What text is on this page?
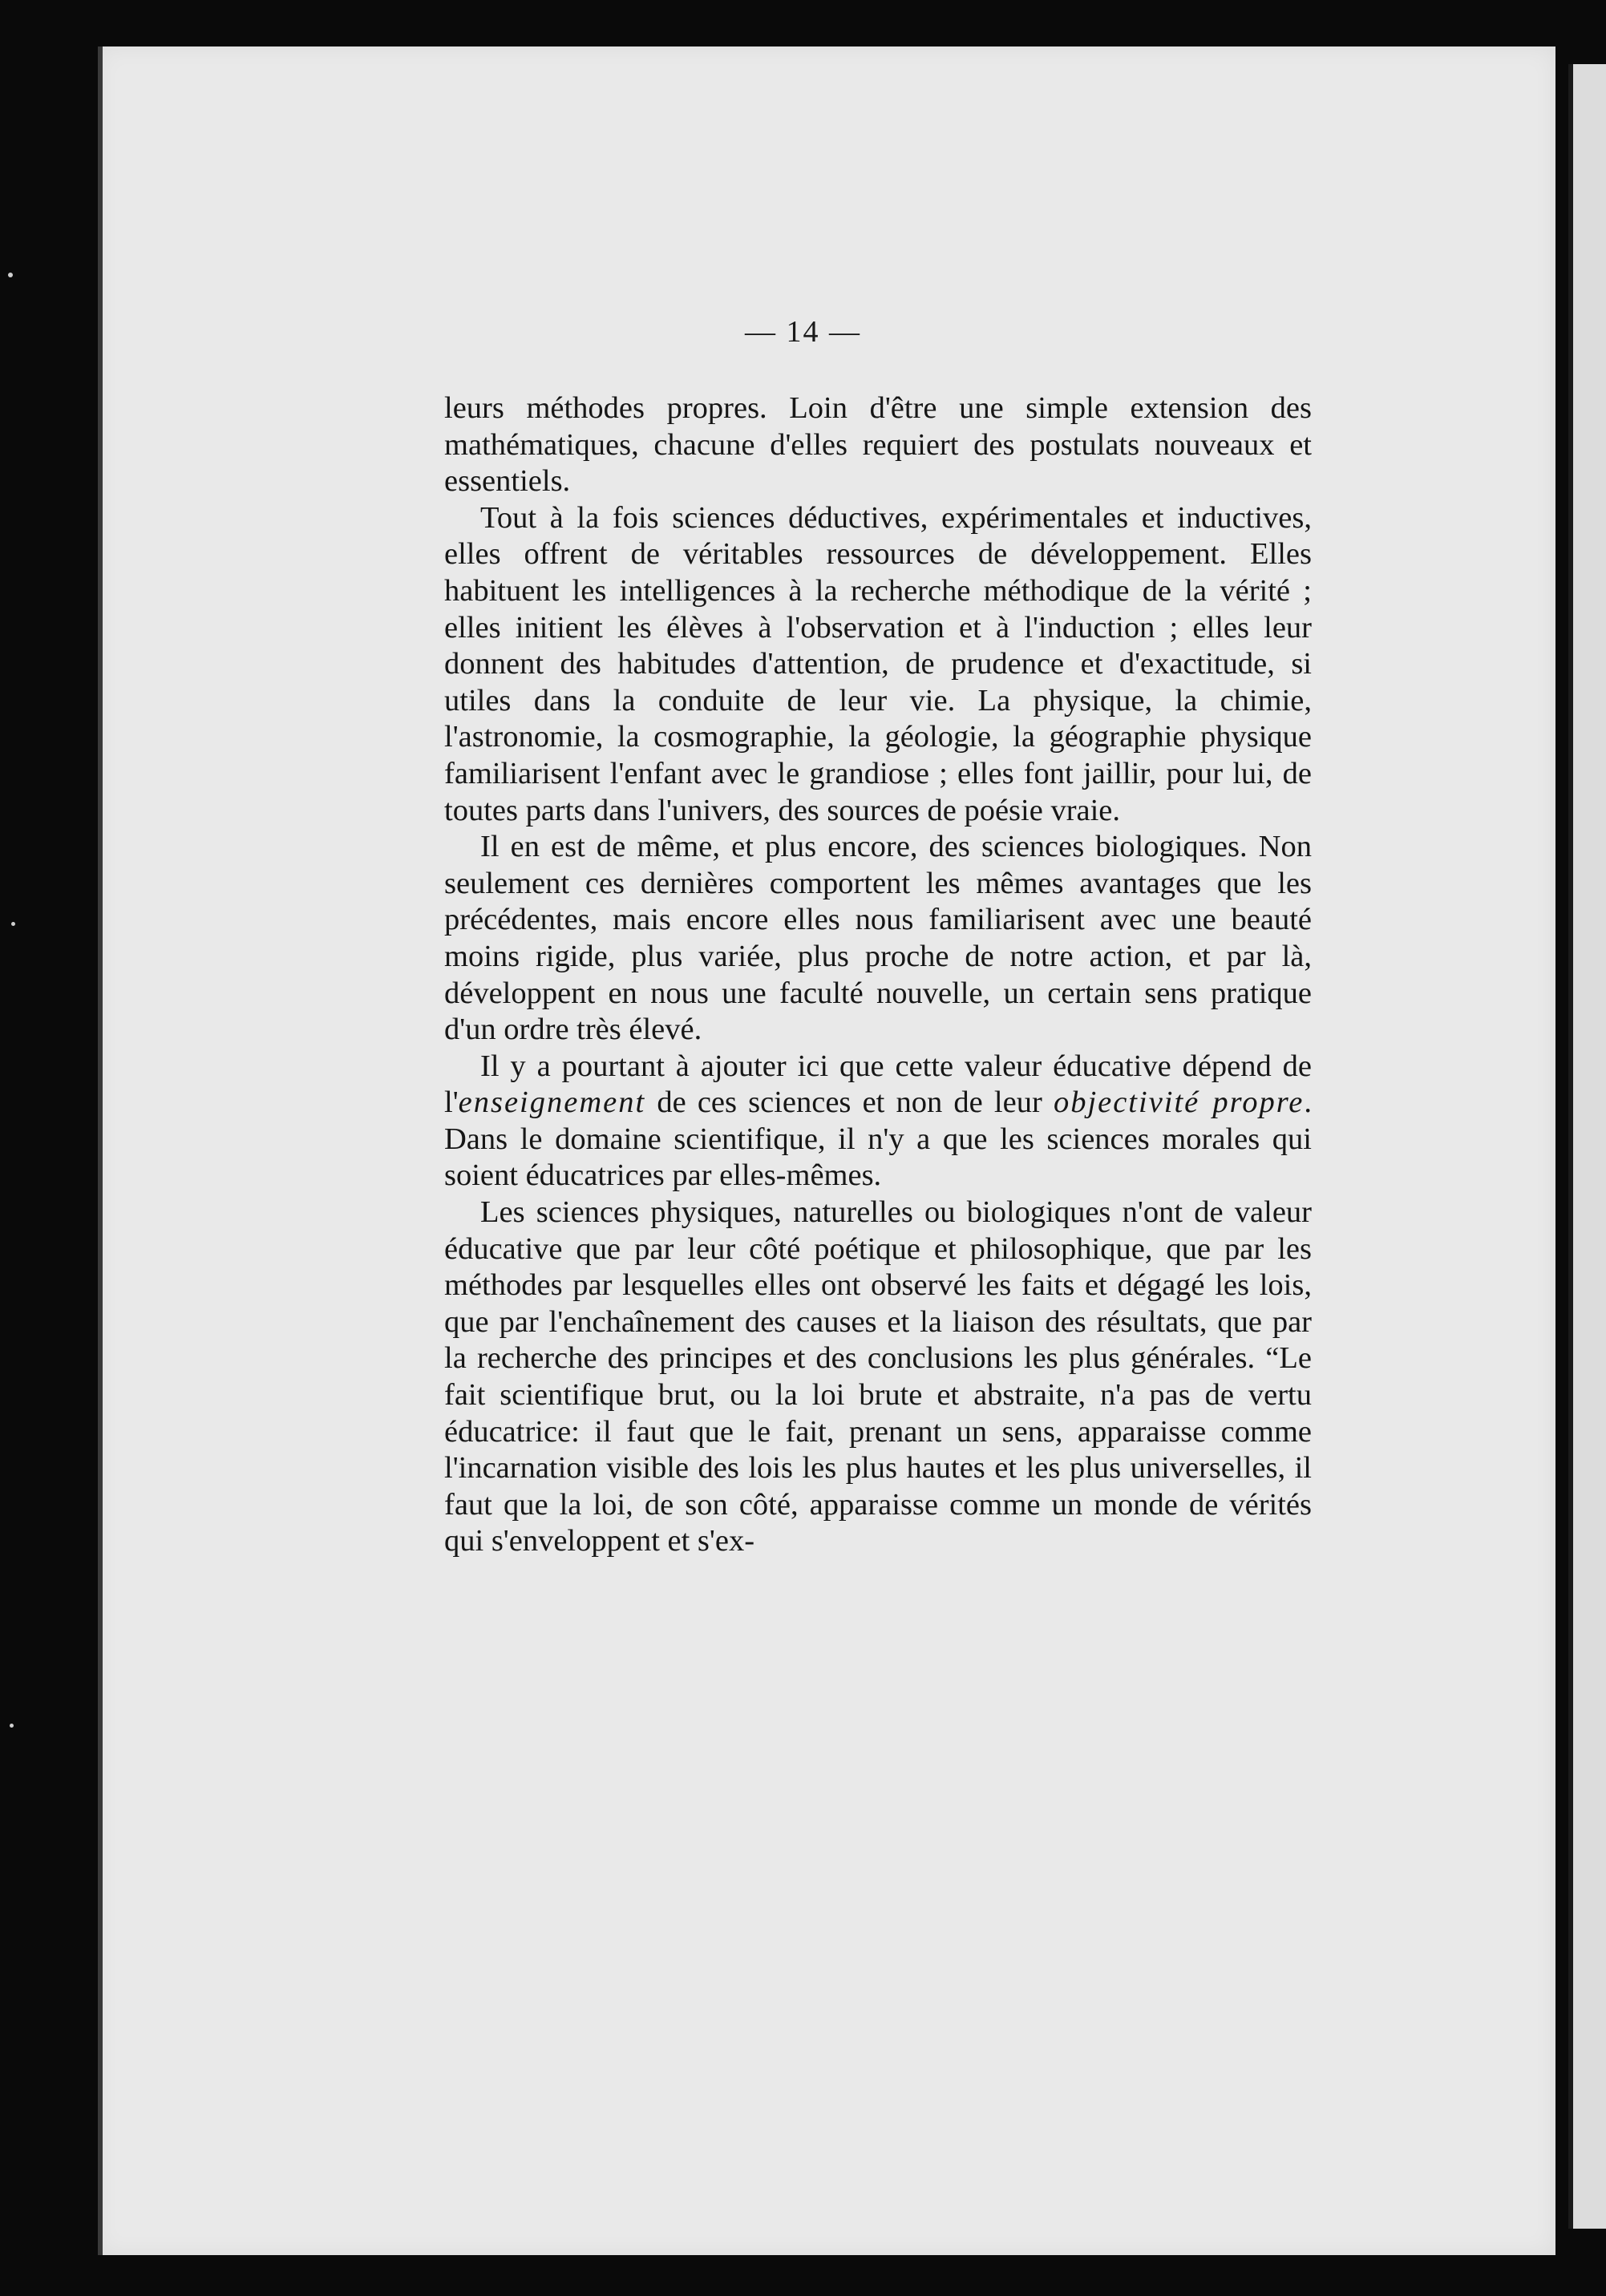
— 14 —

leurs méthodes propres. Loin d'être une simple extension des mathématiques, chacune d'elles requiert des postulats nouveaux et essentiels.

Tout à la fois sciences déductives, expérimentales et inductives, elles offrent de véritables ressources de développement. Elles habituent les intelligences à la recherche méthodique de la vérité ; elles initient les élèves à l'observation et à l'induction ; elles leur donnent des habitudes d'attention, de prudence et d'exactitude, si utiles dans la conduite de leur vie. La physique, la chimie, l'astronomie, la cosmographie, la géologie, la géographie physique familiarisent l'enfant avec le grandiose ; elles font jaillir, pour lui, de toutes parts dans l'univers, des sources de poésie vraie.

Il en est de même, et plus encore, des sciences biologiques. Non seulement ces dernières comportent les mêmes avantages que les précédentes, mais encore elles nous familiarisent avec une beauté moins rigide, plus variée, plus proche de notre action, et par là, développent en nous une faculté nouvelle, un certain sens pratique d'un ordre très élevé.

Il y a pourtant à ajouter ici que cette valeur éducative dépend de l'enseignement de ces sciences et non de leur objectivité propre. Dans le domaine scientifique, il n'y a que les sciences morales qui soient éducatrices par elles-mêmes.

Les sciences physiques, naturelles ou biologiques n'ont de valeur éducative que par leur côté poétique et philosophique, que par les méthodes par lesquelles elles ont observé les faits et dégagé les lois, que par l'enchaînement des causes et la liaison des résultats, que par la recherche des principes et des conclusions les plus générales. “Le fait scientifique brut, ou la loi brute et abstraite, n'a pas de vertu éducatrice: il faut que le fait, prenant un sens, apparaisse comme l'incarnation visible des lois les plus hautes et les plus universelles, il faut que la loi, de son côté, apparaisse comme un monde de vérités qui s'enveloppent et s'ex-
